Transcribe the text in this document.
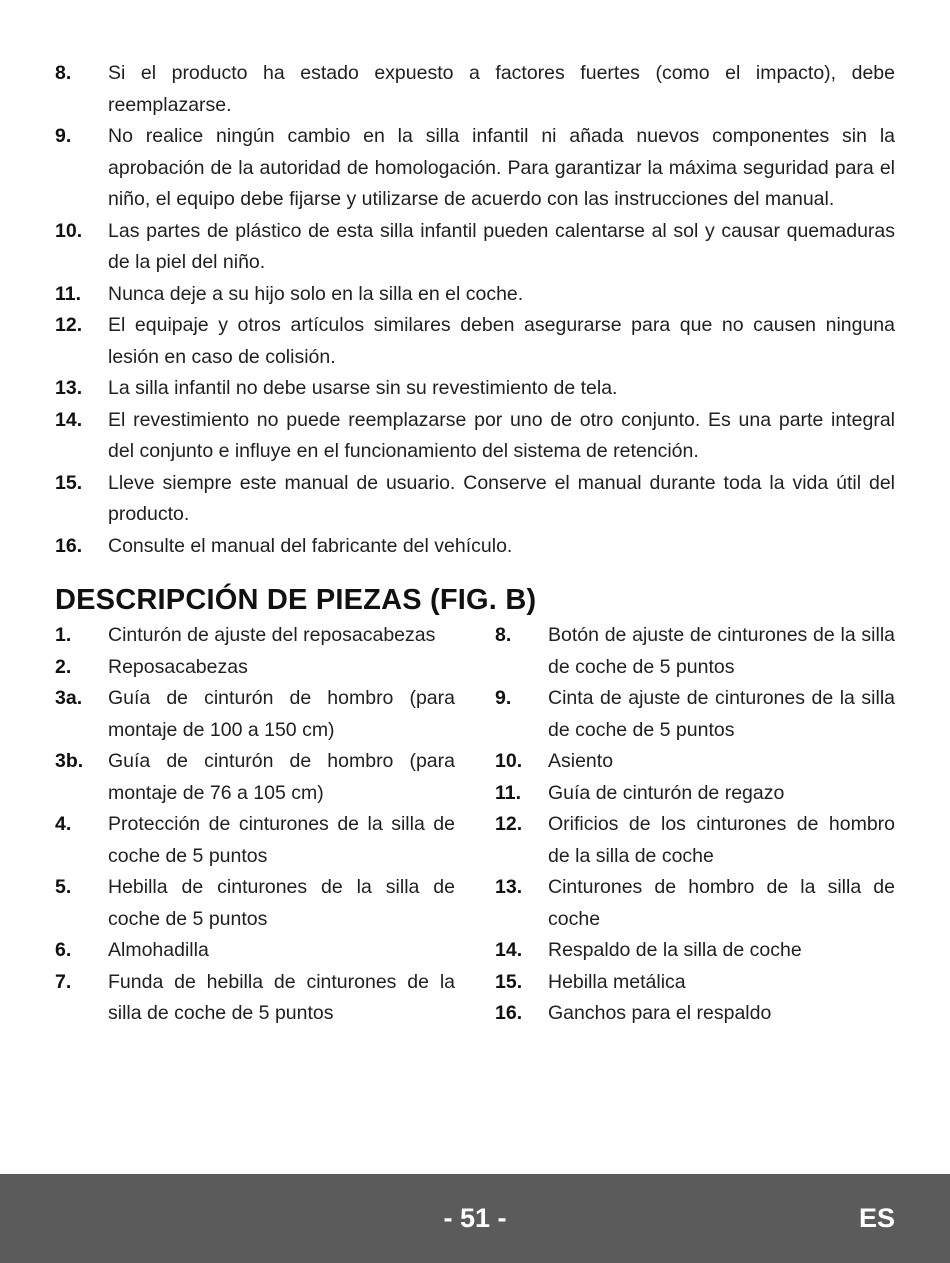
8.	Si el producto ha estado expuesto a factores fuertes (como el impacto), debe reemplazarse.
9.	No realice ningún cambio en la silla infantil ni añada nuevos componentes sin la aprobación de la autoridad de homologación. Para garantizar la máxima seguridad para el niño, el equipo debe fijarse y utilizarse de acuerdo con las instrucciones del manual.
10.	Las partes de plástico de esta silla infantil pueden calentarse al sol y causar quemaduras de la piel del niño.
11.	Nunca deje a su hijo solo en la silla en el coche.
12.	El equipaje y otros artículos similares deben asegurarse para que no causen ninguna lesión en caso de colisión.
13.	La silla infantil no debe usarse sin su revestimiento de tela.
14.	El revestimiento no puede reemplazarse por uno de otro conjunto. Es una parte integral del conjunto e influye en el funcionamiento del sistema de retención.
15.	Lleve siempre este manual de usuario. Conserve el manual durante toda la vida útil del producto.
16.	Consulte el manual del fabricante del vehículo.
DESCRIPCIÓN DE PIEZAS (FIG. B)
1.	Cinturón de ajuste del reposacabezas
2.	Reposacabezas
3a.	Guía de cinturón de hombro (para montaje de 100 a 150 cm)
3b.	Guía de cinturón de hombro (para montaje de 76 a 105 cm)
4.	Protección de cinturones de la silla de coche de 5 puntos
5.	Hebilla de cinturones de la silla de coche de 5 puntos
6.	Almohadilla
7.	Funda de hebilla de cinturones de la silla de coche de 5 puntos
8.	Botón de ajuste de cinturones de la silla de coche de 5 puntos
9.	Cinta de ajuste de cinturones de la silla de coche de 5 puntos
10.	Asiento
11.	Guía de cinturón de regazo
12.	Orificios de los cinturones de hombro de la silla de coche
13.	Cinturones de hombro de la silla de coche
14.	Respaldo de la silla de coche
15.	Hebilla metálica
16.	Ganchos para el respaldo
- 51 -	ES
